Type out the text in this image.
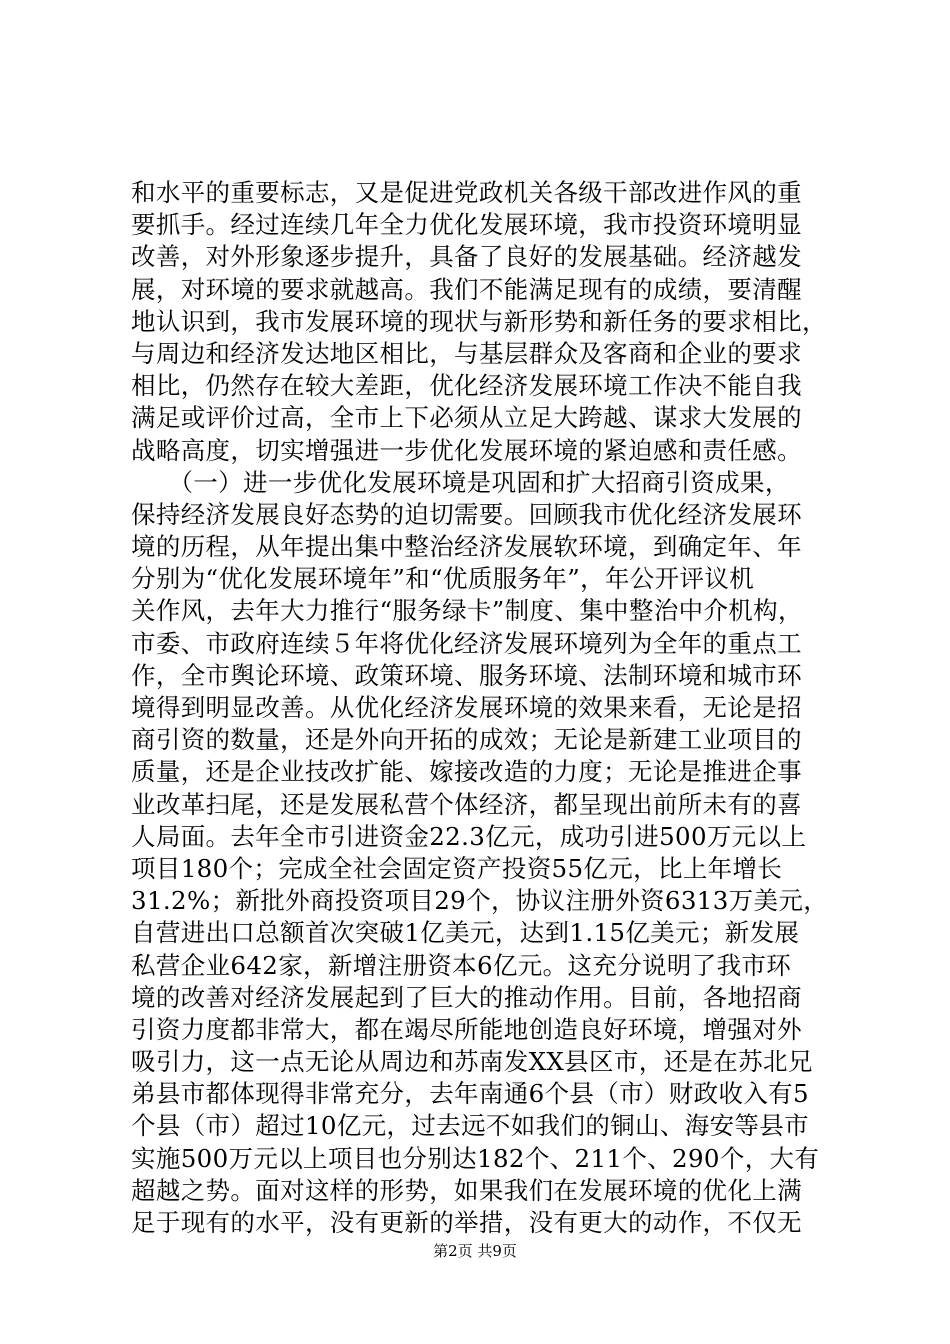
和水平的重要标志，又是促进党政机关各级干部改进作风的重
要抓手。经过连续几年全力优化发展环境，我市投资环境明显
改善，对外形象逐步提升，具备了良好的发展基础。经济越发
展，对环境的要求就越高。我们不能满足现有的成绩，要清醒
地认识到，我市发展环境的现状与新形势和新任务的要求相比，
与周边和经济发达地区相比，与基层群众及客商和企业的要求
相比，仍然存在较大差距，优化经济发展环境工作决不能自我
满足或评价过高，全市上下必须从立足大跨越、谋求大发展的
战略高度，切实增强进一步优化发展环境的紧迫感和责任感。
　　（一）进一步优化发展环境是巩固和扩大招商引资成果，
保持经济发展良好态势的迫切需要。回顾我市优化经济发展环
境的历程，从年提出集中整治经济发展软环境，到确定年、年
分别为“优化发展环境年”和“优质服务年”，年公开评议机
关作风，去年大力推行“服务绿卡”制度、集中整治中介机构，
市委、市政府连续５年将优化经济发展环境列为全年的重点工
作，全市舆论环境、政策环境、服务环境、法制环境和城市环
境得到明显改善。从优化经济发展环境的效果来看，无论是招
商引资的数量，还是外向开拓的成效；无论是新建工业项目的
质量，还是企业技改扩能、嫁接改造的力度；无论是推进企事
业改革扫尾，还是发展私营个体经济，都呈现出前所未有的喜
人局面。去年全市引进资金22.3亿元，成功引进500万元以上
项目180个；完成全社会固定资产投资55亿元，比上年增长
31.2%；新批外商投资项目29个，协议注册外资6313万美元，
自营进出口总额首次突破1亿美元，达到1.15亿美元；新发展
私营企业642家，新增注册资本6亿元。这充分说明了我市环
境的改善对经济发展起到了巨大的推动作用。目前，各地招商
引资力度都非常大，都在竭尽所能地创造良好环境，增强对外
吸引力，这一点无论从周边和苏南发XX县区市，还是在苏北兄
弟县市都体现得非常充分，去年南通6个县（市）财政收入有5
个县（市）超过10亿元，过去远不如我们的铜山、海安等县市
实施500万元以上项目也分别达182个、211个、290个，大有
超越之势。面对这样的形势，如果我们在发展环境的优化上满
足于现有的水平，没有更新的举措，没有更大的动作，不仅无
第2页 共9页
